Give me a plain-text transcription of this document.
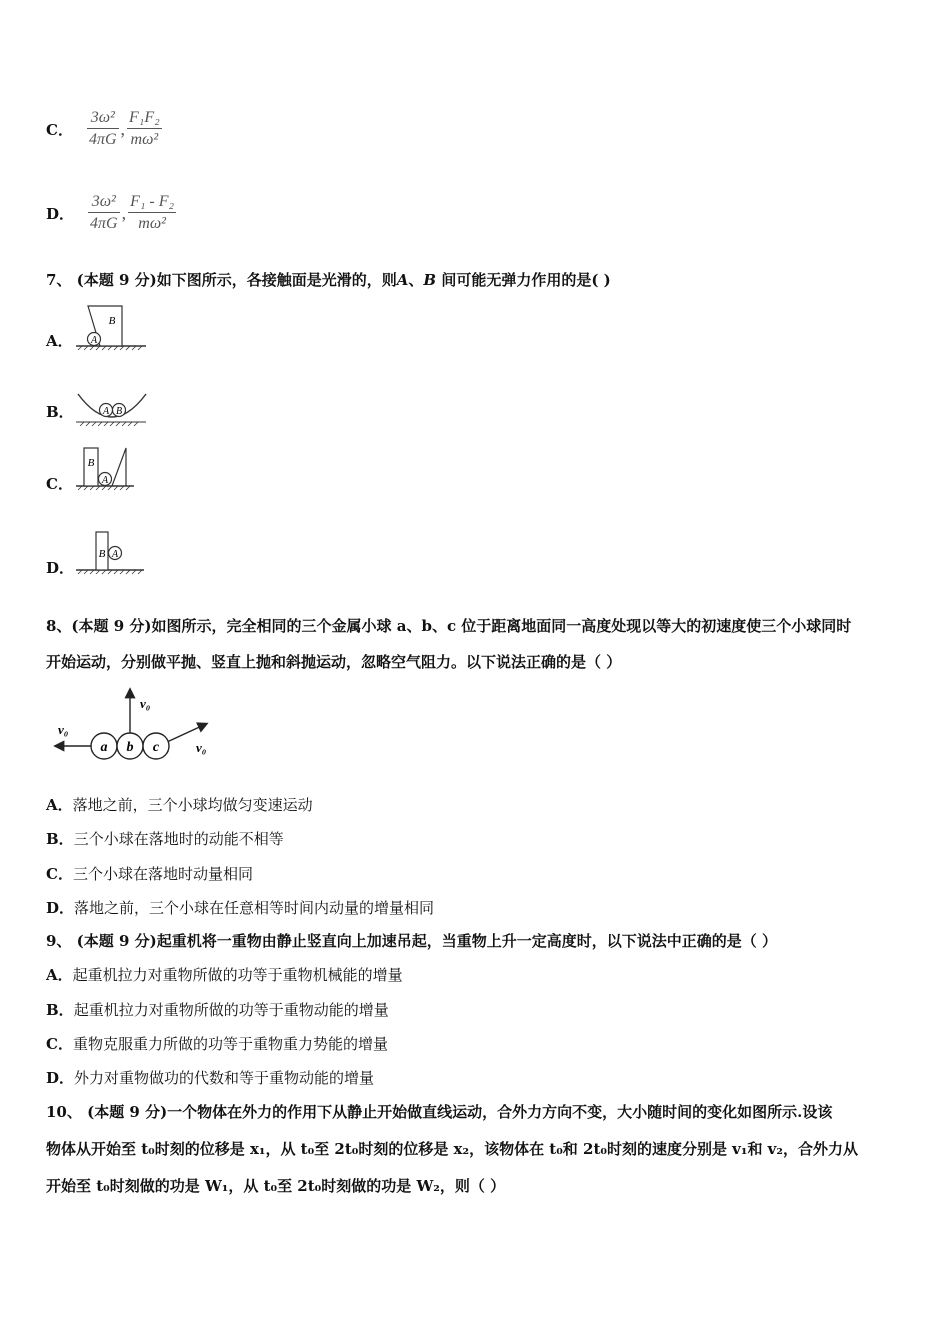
C． $\frac{\text{3ω²}}{4\pi G}$ , $\frac{\text{F₁F₂}}{\text{mω²}}$
D． $\frac{\text{3ω²}}{4\pi G}$ , $\frac{\text{F₁ - F₂}}{\text{mω²}}$
7、 (本题 9 分)如下图所示，各接触面是光滑的，则A、B 间可能无弹力作用的是( )
A． A
B
B．	A B
C．	A
B
D．
A
B
8、(本题 9 分)如图所示，完全相同的三个金属小球 a、b、c 位于距离地面同一高度处现以等大的初速度使三个小球同时
开始运动，分别做平抛、竖直上抛和斜抛运动，忽略空气阻力。以下说法正确的是（ ）
a b c
v₀
v₀
v₀
A．落地之前，三个小球均做匀变速运动
B．三个小球在落地时的动能不相等
C．三个小球在落地时动量相同
D．落地之前，三个小球在任意相等时间内动量的增量相同
9、 (本题 9 分)起重机将一重物由静止竖直向上加速吊起，当重物上升一定高度时，以下说法中正确的是（ ）
A．起重机拉力对重物所做的功等于重物机械能的增量
B．起重机拉力对重物所做的功等于重物动能的增量
C．重物克服重力所做的功等于重物重力势能的增量
D．外力对重物做功的代数和等于重物动能的增量
10、 (本题 9 分)一个物体在外力的作用下从静止开始做直线运动，合外力方向不变，大小随时间的变化如图所示.设该
物体从开始至 t₀时刻的位移是 x₁，从 t₀至 2t₀时刻的位移是 x₂，该物体在 t₀和 2t₀时刻的速度分别是 v₁和 v₂，合外力从
开始至 t₀时刻做的功是 W₁，从 t₀至 2t₀时刻做的功是 W₂，则（ ）
